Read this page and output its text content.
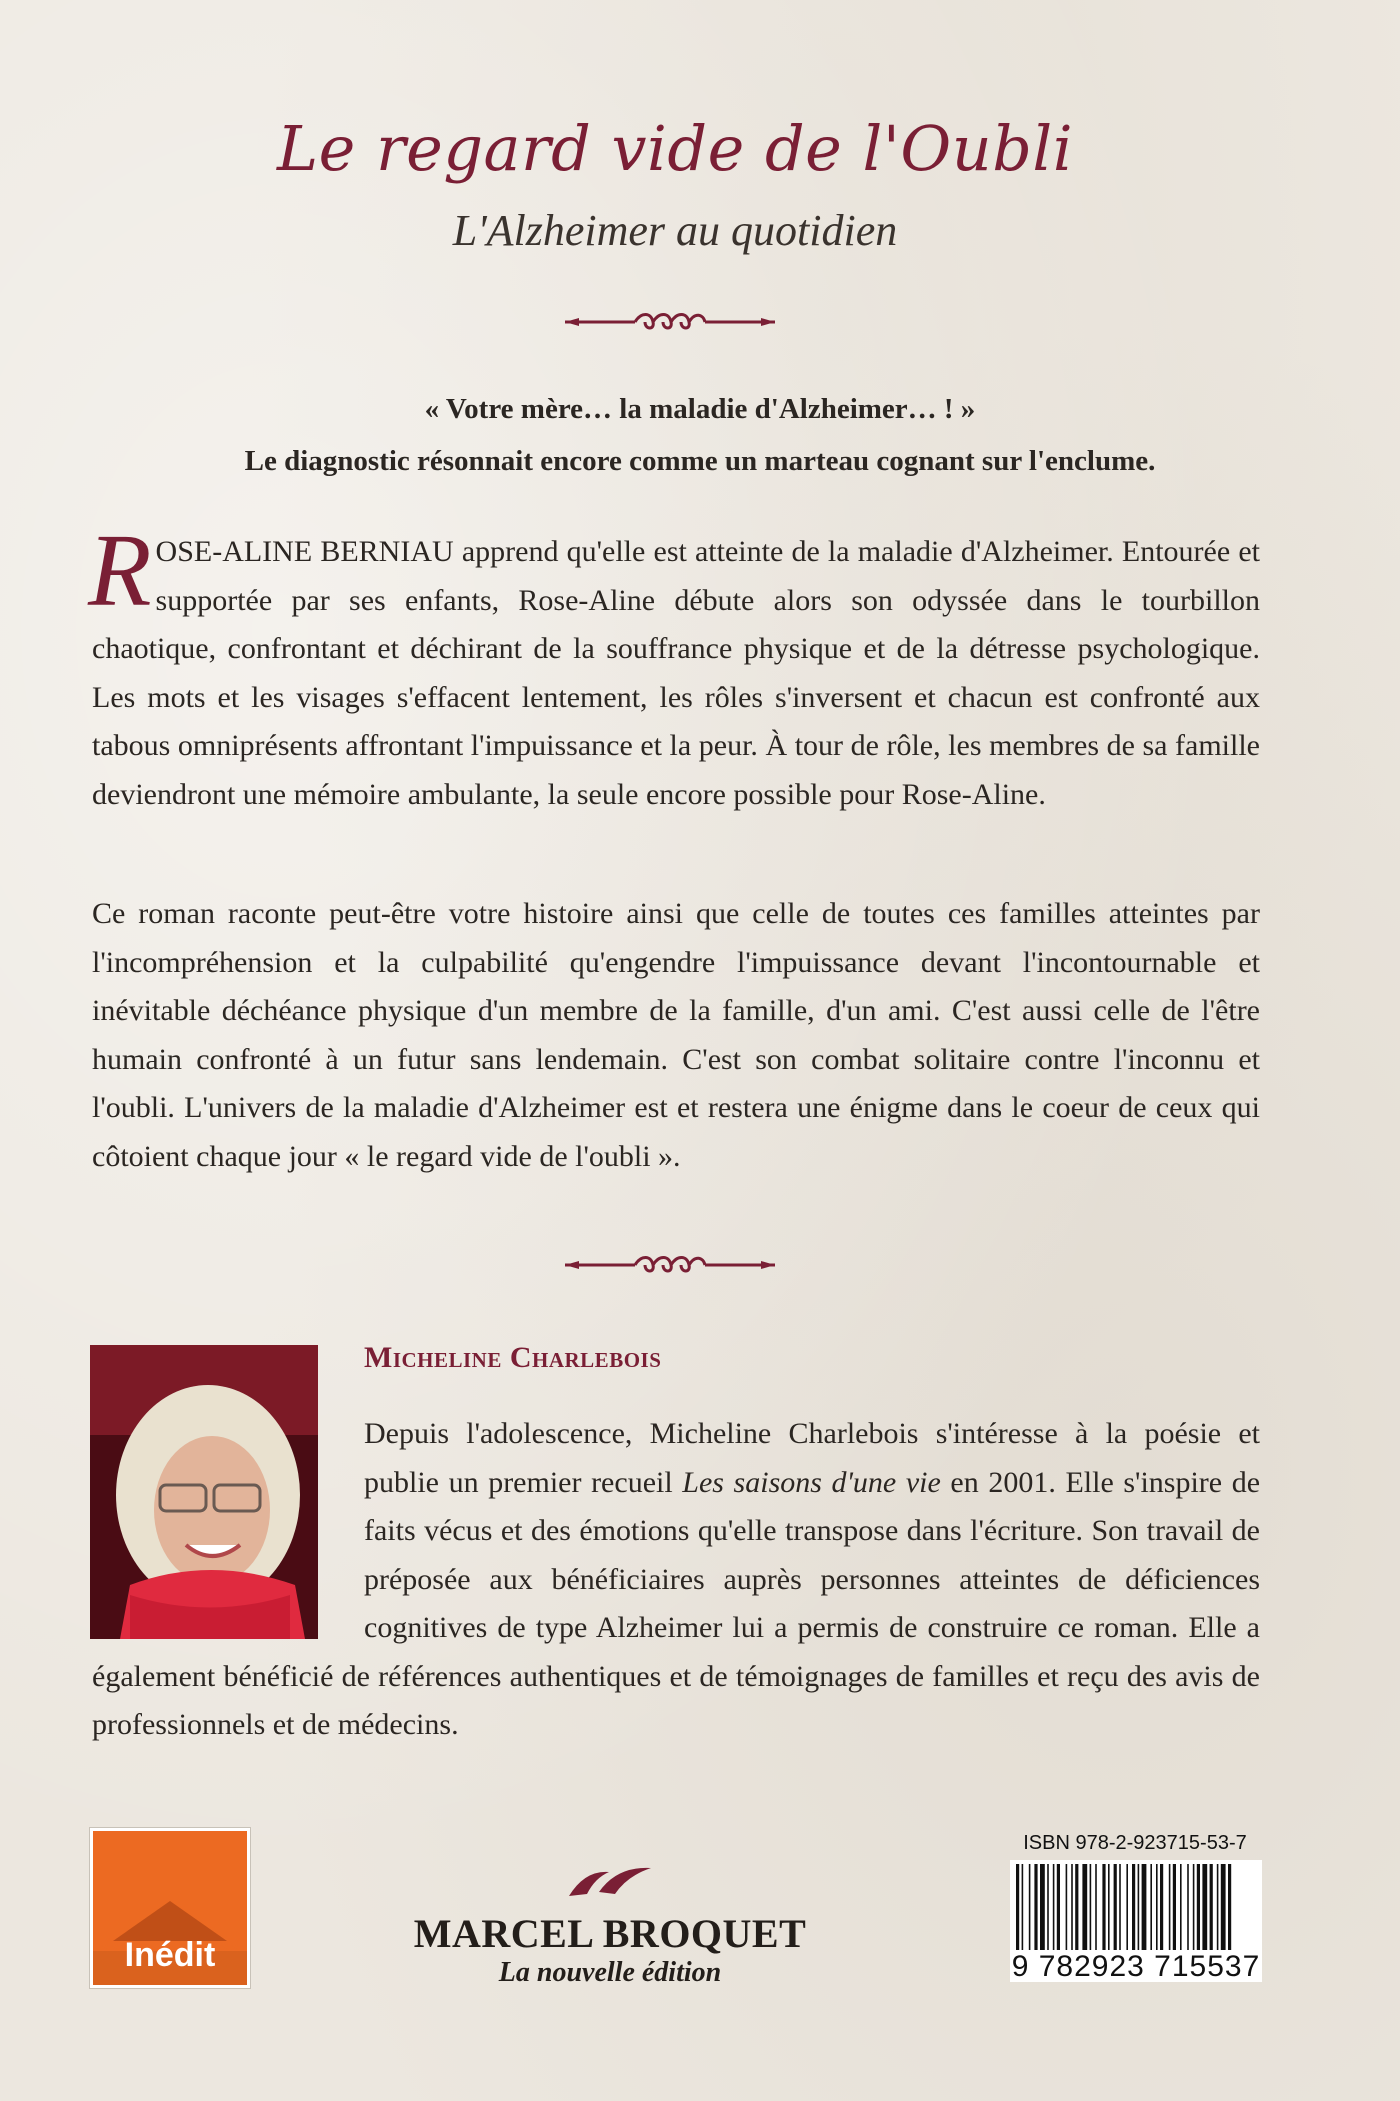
Le regard vide de l'Oubli
L'Alzheimer au quotidien
« Votre mère… la maladie d'Alzheimer… ! »
Le diagnostic résonnait encore comme un marteau cognant sur l'enclume.

ROSE-ALINE BERNIAU apprend qu'elle est atteinte de la maladie d'Alzheimer. Entourée et supportée par ses enfants, Rose-Aline débute alors son odyssée dans le tourbillon chaotique, confrontant et déchirant de la souffrance physique et de la détresse psychologique. Les mots et les visages s'effacent lentement, les rôles s'inversent et chacun est confronté aux tabous omniprésents affrontant l'impuissance et la peur. À tour de rôle, les membres de sa famille deviendront une mémoire ambulante, la seule encore possible pour Rose-Aline.

Ce roman raconte peut-être votre histoire ainsi que celle de toutes ces familles atteintes par l'incompréhension et la culpabilité qu'engendre l'impuissance devant l'incontournable et inévitable déchéance physique d'un membre de la famille, d'un ami. C'est aussi celle de l'être humain confronté à un futur sans lendemain. C'est son combat solitaire contre l'inconnu et l'oubli. L'univers de la maladie d'Alzheimer est et restera une énigme dans le coeur de ceux qui côtoient chaque jour « le regard vide de l'oubli ».

Micheline Charlebois

Depuis l'adolescence, Micheline Charlebois s'intéresse à la poésie et publie un premier recueil Les saisons d'une vie en 2001. Elle s'inspire de faits vécus et des émotions qu'elle transpose dans l'écriture. Son travail de préposée aux bénéficiaires auprès personnes atteintes de déficiences cognitives de type Alzheimer lui a permis de construire ce roman. Elle a également bénéficié de références authentiques et de témoignages de familles et reçu des avis de professionnels et de médecins.

Inédit	MARCEL BROQUET
La nouvelle édition
ISBN 978-2-923715-53-7
9 782923 715537
